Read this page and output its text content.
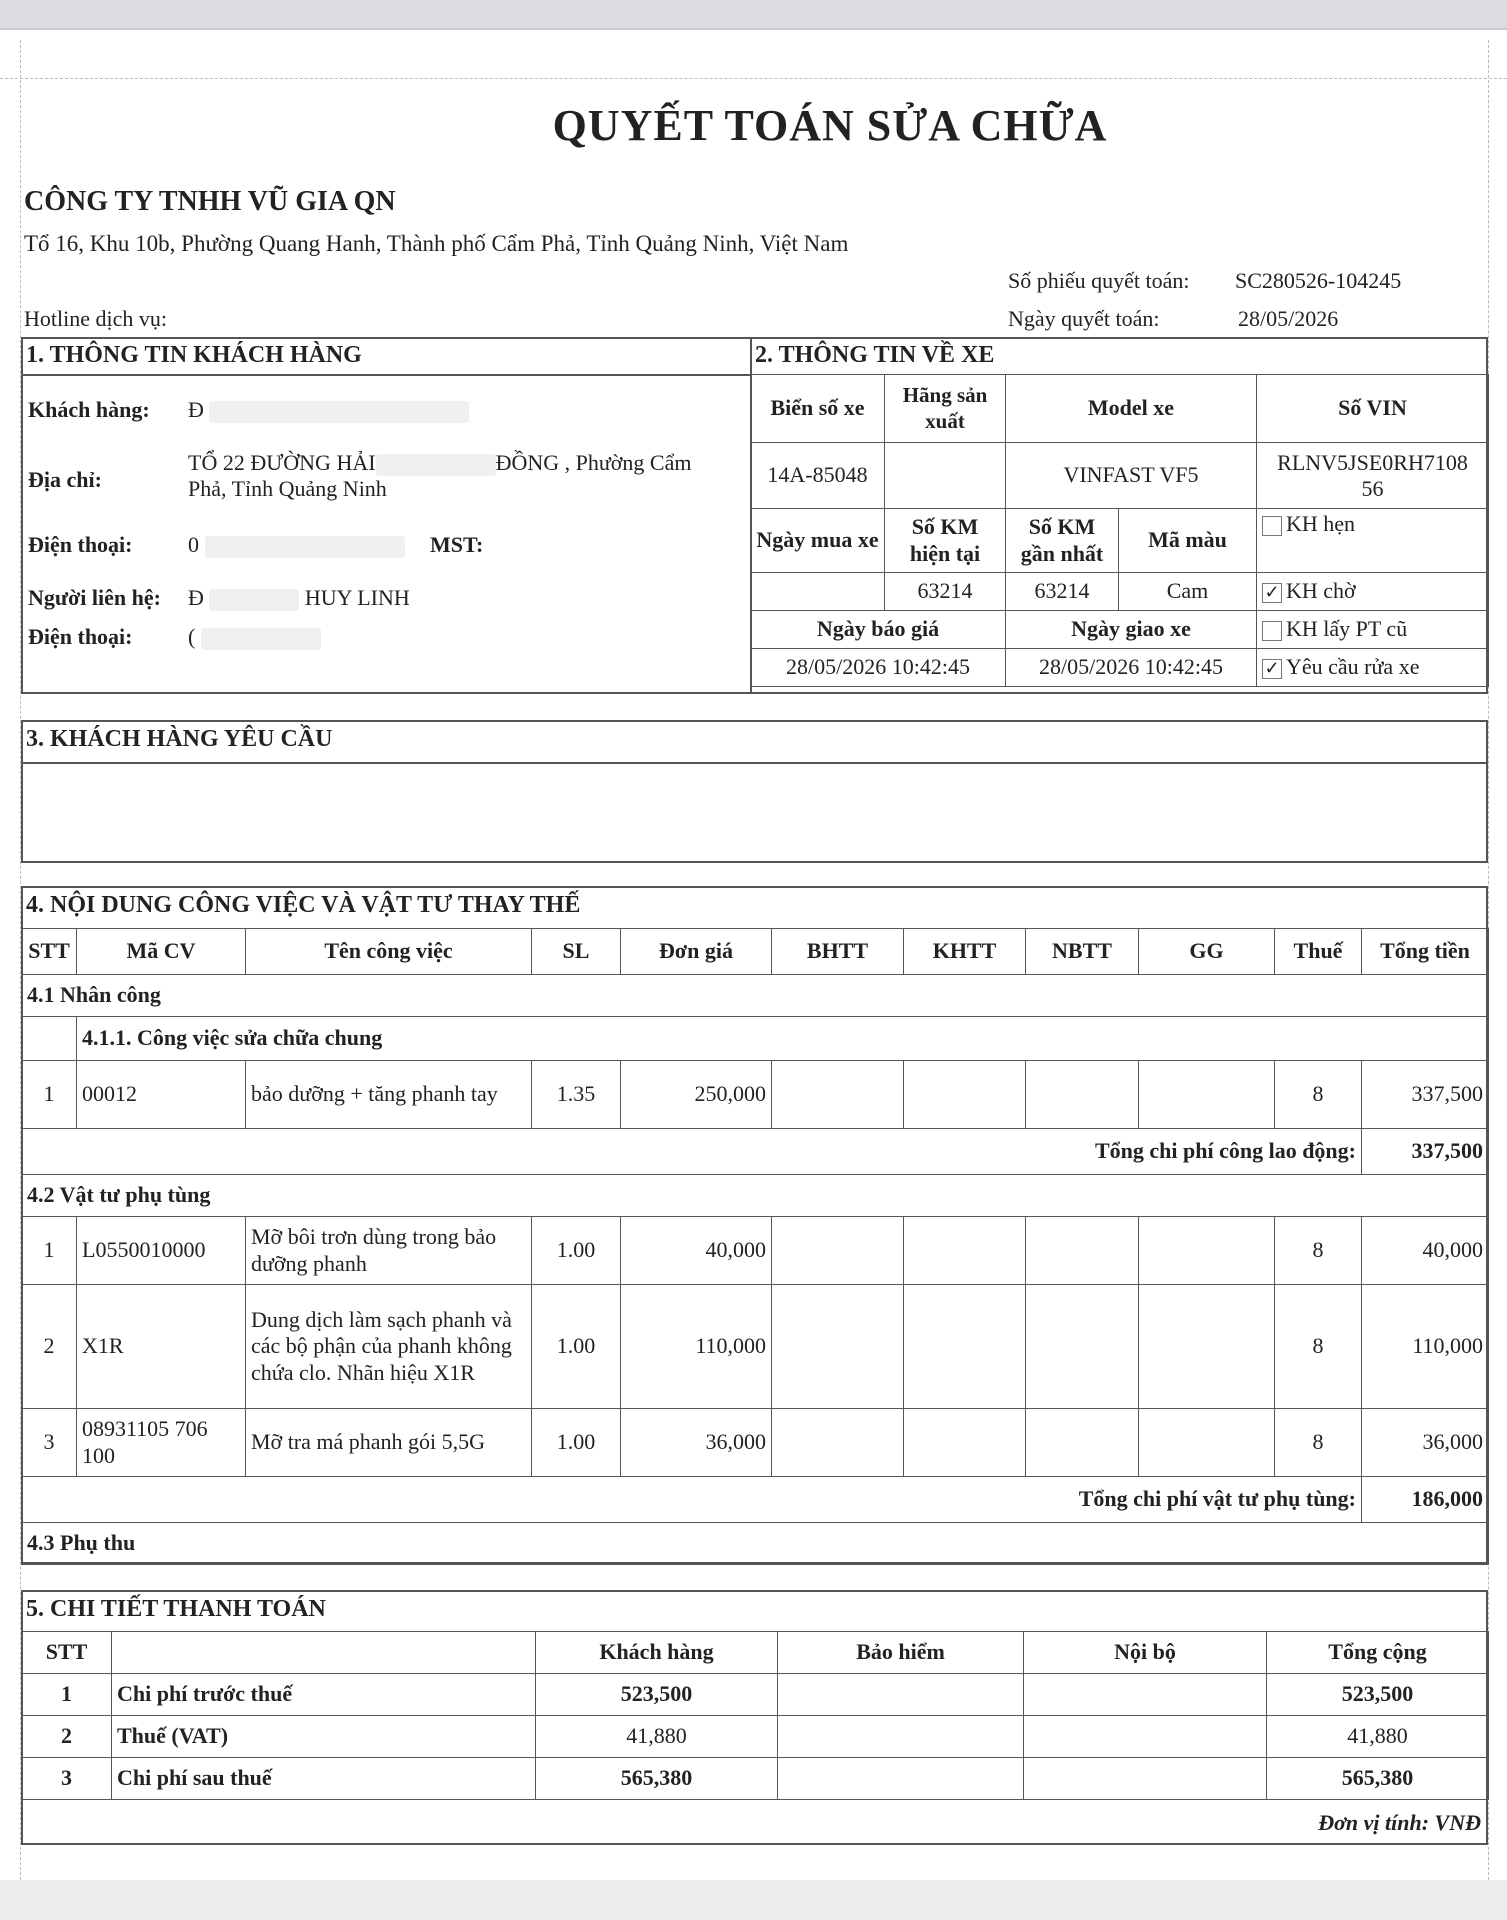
QUYẾT TOÁN SỬA CHỮA
CÔNG TY TNHH VŨ GIA QN
Tổ 16, Khu 10b, Phường Quang Hanh, Thành phố Cẩm Phả, Tỉnh Quảng Ninh, Việt Nam
Số phiếu quyết toán: SC280526-104245
Ngày quyết toán:	28/05/2026
Hotline dịch vụ:
1. THÔNG TIN KHÁCH HÀNG
Khách hàng: Đ
Địa chỉ:
TỔ 22 ĐƯỜNG HẢI	ĐỒNG , Phường Cẩm
Phả, Tỉnh Quảng Ninh
Điện thoại:	0	MST:
Người liên hệ: Đ	HUY LINH
Điện thoại:	(
2. THÔNG TIN VỀ XE
Biển số xe	Hãng sản xuất	Model xe		Số VIN
14A-85048		VINFAST VF5		RLNV5JSE0RH7108
56

Ngày mua xe	Số KM hiện tại	Số KM gần nhất	Mã màu	KH hẹn
	63214	63214	Cam	✓ KH chờ
Ngày báo giá		Ngày giao xe		KH lấy PT cũ
28/05/2026 10:42:45		28/05/2026 10:42:45		✓ Yêu cầu rửa xe
3. KHÁCH HÀNG YÊU CẦU
4. NỘI DUNG CÔNG VIỆC VÀ VẬT TƯ THAY THẾ
STT	Mã CV	Tên công việc	SL	Đơn giá	BHTT	KHTT	NBTT	GG	Thuế	Tổng tiền
4.1 Nhân công										
	4.1.1. Công việc sửa chữa chung									
1	00012	bảo dưỡng + tăng phanh tay	1.35	250,000					8	337,500
Tổng chi phí công lao động:										337,500
4.2 Vật tư phụ tùng										
1	L0550010000	Mỡ bôi trơn dùng trong bảo dưỡng phanh	1.00	40,000					8	40,000
2	X1R	Dung dịch làm sạch phanh và các bộ phận của phanh không chứa clo. Nhãn hiệu X1R	1.00	110,000					8	110,000
3	08931105 706 100	Mỡ tra má phanh gói 5,5G	1.00	36,000					8	36,000
Tổng chi phí vật tư phụ tùng:										186,000
4.3 Phụ thu										
5. CHI TIẾT THANH TOÁN
STT		Khách hàng	Bảo hiểm	Nội bộ	Tổng cộng
1	Chi phí trước thuế	523,500			523,500
2	Thuế (VAT)	41,880			41,880
3	Chi phí sau thuế	565,380			565,380
Đơn vị tính: VNĐ
